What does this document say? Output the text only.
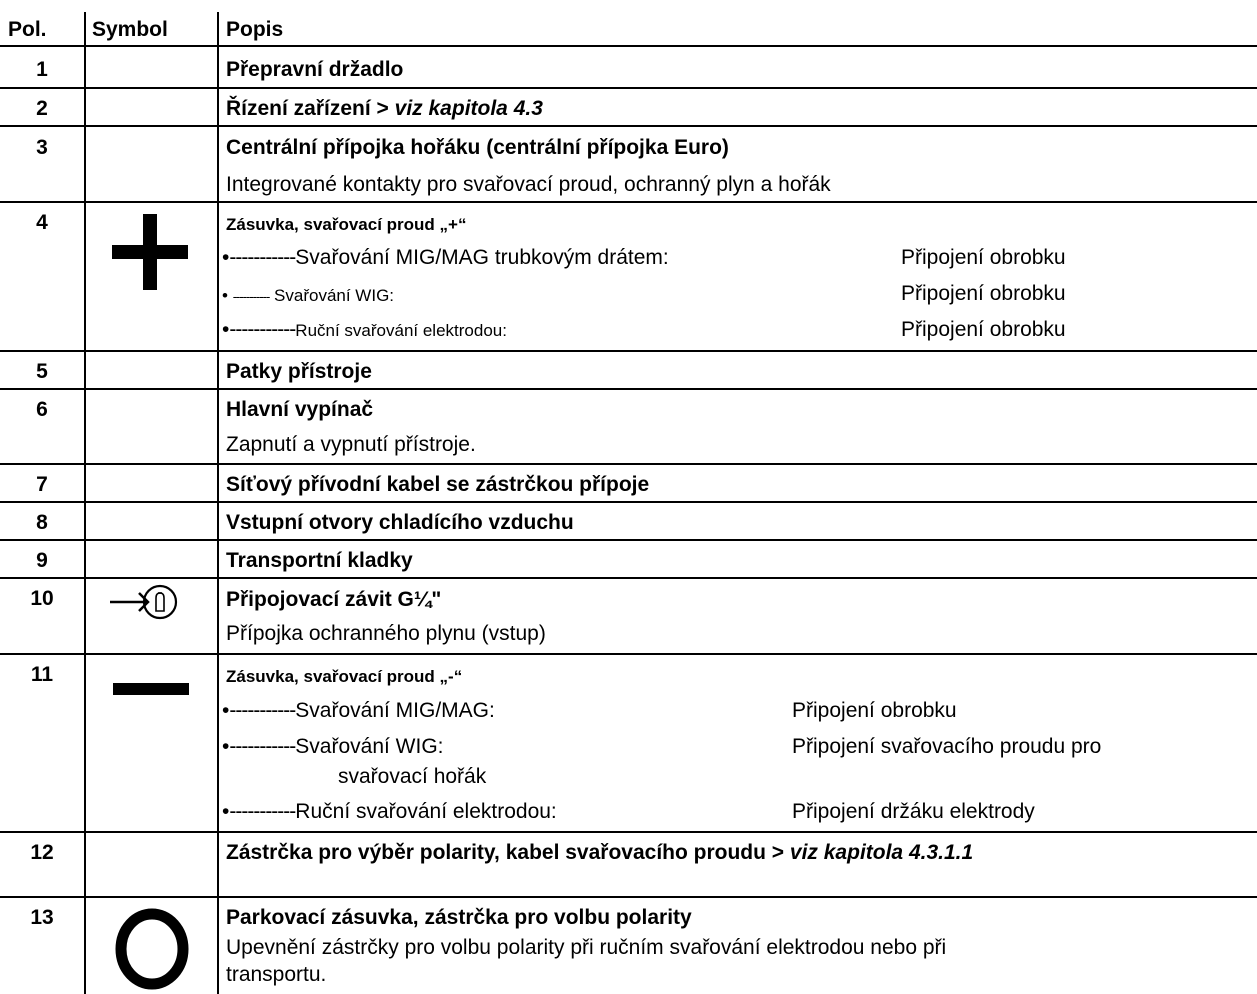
Pol. Symbol	Popis
1	Přepravní držadlo
2	Řízení zařízení > viz kapitola 4.3
3	Centrální přípojka hořáku (centrální přípojka Euro)
Integrované kontakty pro svařovací proud, ochranný plyn a hořák
4	Zásuvka, svařovací proud „+“
•-----------Svařování MIG/MAG trubkovým drátem:	Připojení obrobku
• ----------- Svařování WIG:	Připojení obrobku
•-----------Ruční svařování elektrodou:	Připojení obrobku
5	Patky přístroje
6	Hlavní vypínač
Zapnutí a vypnutí přístroje.
7	Síťový přívodní kabel se zástrčkou přípoje
8	Vstupní otvory chladícího vzduchu
9	Transportní kladky
10	Připojovací závit G¼"
Přípojka ochranného plynu (vstup)
11	Zásuvka, svařovací proud „-“
•-----------Svařování MIG/MAG:	Připojení obrobku
•-----------Svařování WIG:	Připojení svařovacího proudu pro
svařovací hořák
•-----------Ruční svařování elektrodou:	Připojení držáku elektrody
12	Zástrčka pro výběr polarity, kabel svařovacího proudu > viz kapitola 4.3.1.1
13	Parkovací zásuvka, zástrčka pro volbu polarity
Upevnění zástrčky pro volbu polarity při ručním svařování elektrodou nebo při
transportu.
